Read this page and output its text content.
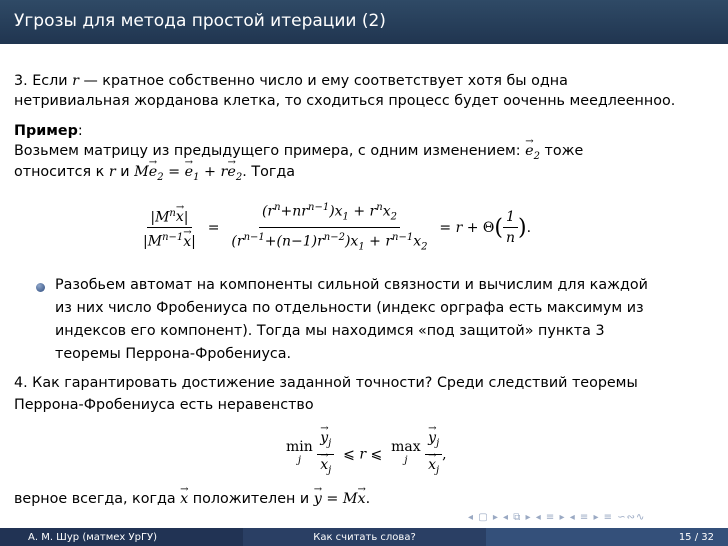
Угрозы для метода простой итерации (2)
3. Если r — кратное собственно число и ему соответствует хотя бы одна
нетривиальная жорданова клетка, то сходиться процесс будет ооченнь меедлеенноо.
Пример:
Возьмем матрицу из предыдущего примера, с одним изменением: → $e_2$ тоже
относится к r и $M\to e_2$ = → $e_1 + r\to e_2$. Тогда
$\frac{|M^n\to x|}{|M^{n-1}\to x|} = \frac{(r^n+nr^{n-1})x_1 + r^nx_2}{(r^{n-1}+(n-1)r^{n-2})x_1 + r^{n-1}x_2} = r + \Theta( \frac{1}{n}$ ).
Разобьем автомат на компоненты сильной связности и вычислим для каждой
из них число Фробениуса по отдельности (индекс орграфа есть максимум из
индексов его компонент). Тогда мы находимся «под защитой» пункта 3
теоремы Перрона-Фробениуса.
4. Как гарантировать достижение заданной точности? Среди следствий теоремы
Перрона-Фробениуса есть неравенство
min
j
→ $y_j$
→ $x_j$ ⩽ r ⩽ max
j
→ $y_j$
→ $x_j$ ,
верное всегда, когда → x положителен и → y = M→ x.
◂ ▢ ▸ ◂ ⧉ ▸ ◂ ≡ ▸ ◂ ≡ ▸ ≡ ∽∾∿
А. М. Шур (матмех УрГУ)	Как считать слова?	15 / 32
